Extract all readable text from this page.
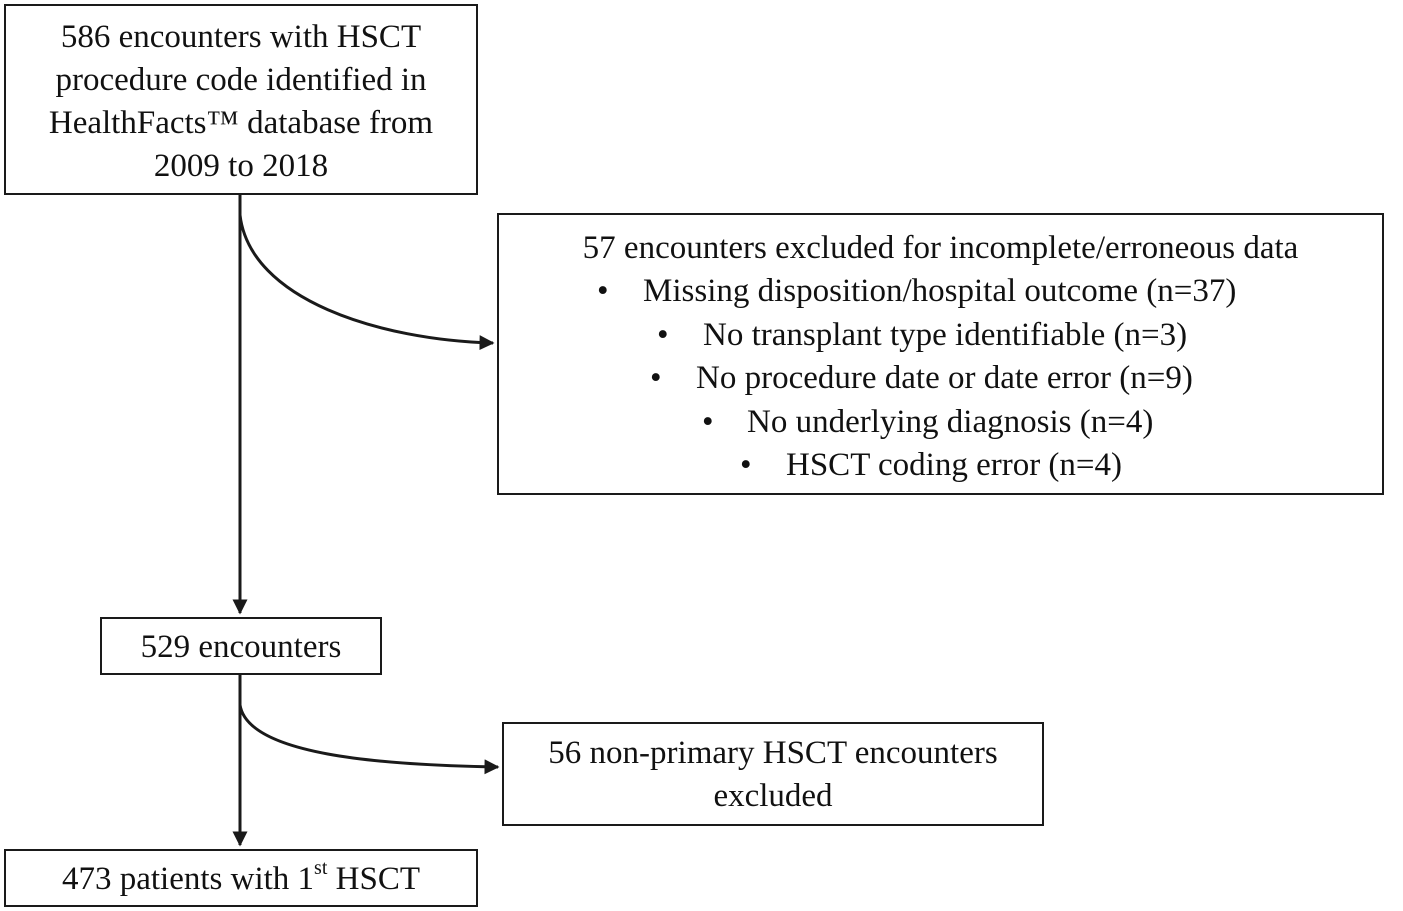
586 encounters with HSCT
procedure code identified in
HealthFacts™ database from
2009 to 2018
57 encounters excluded for incomplete/erroneous data
• Missing disposition/hospital outcome (n=37)
• No transplant type identifiable (n=3)
• No procedure date or date error (n=9)
• No underlying diagnosis (n=4)
• HSCT coding error (n=4)
529 encounters
56 non-primary HSCT encounters
excluded
473 patients with 1st HSCT
